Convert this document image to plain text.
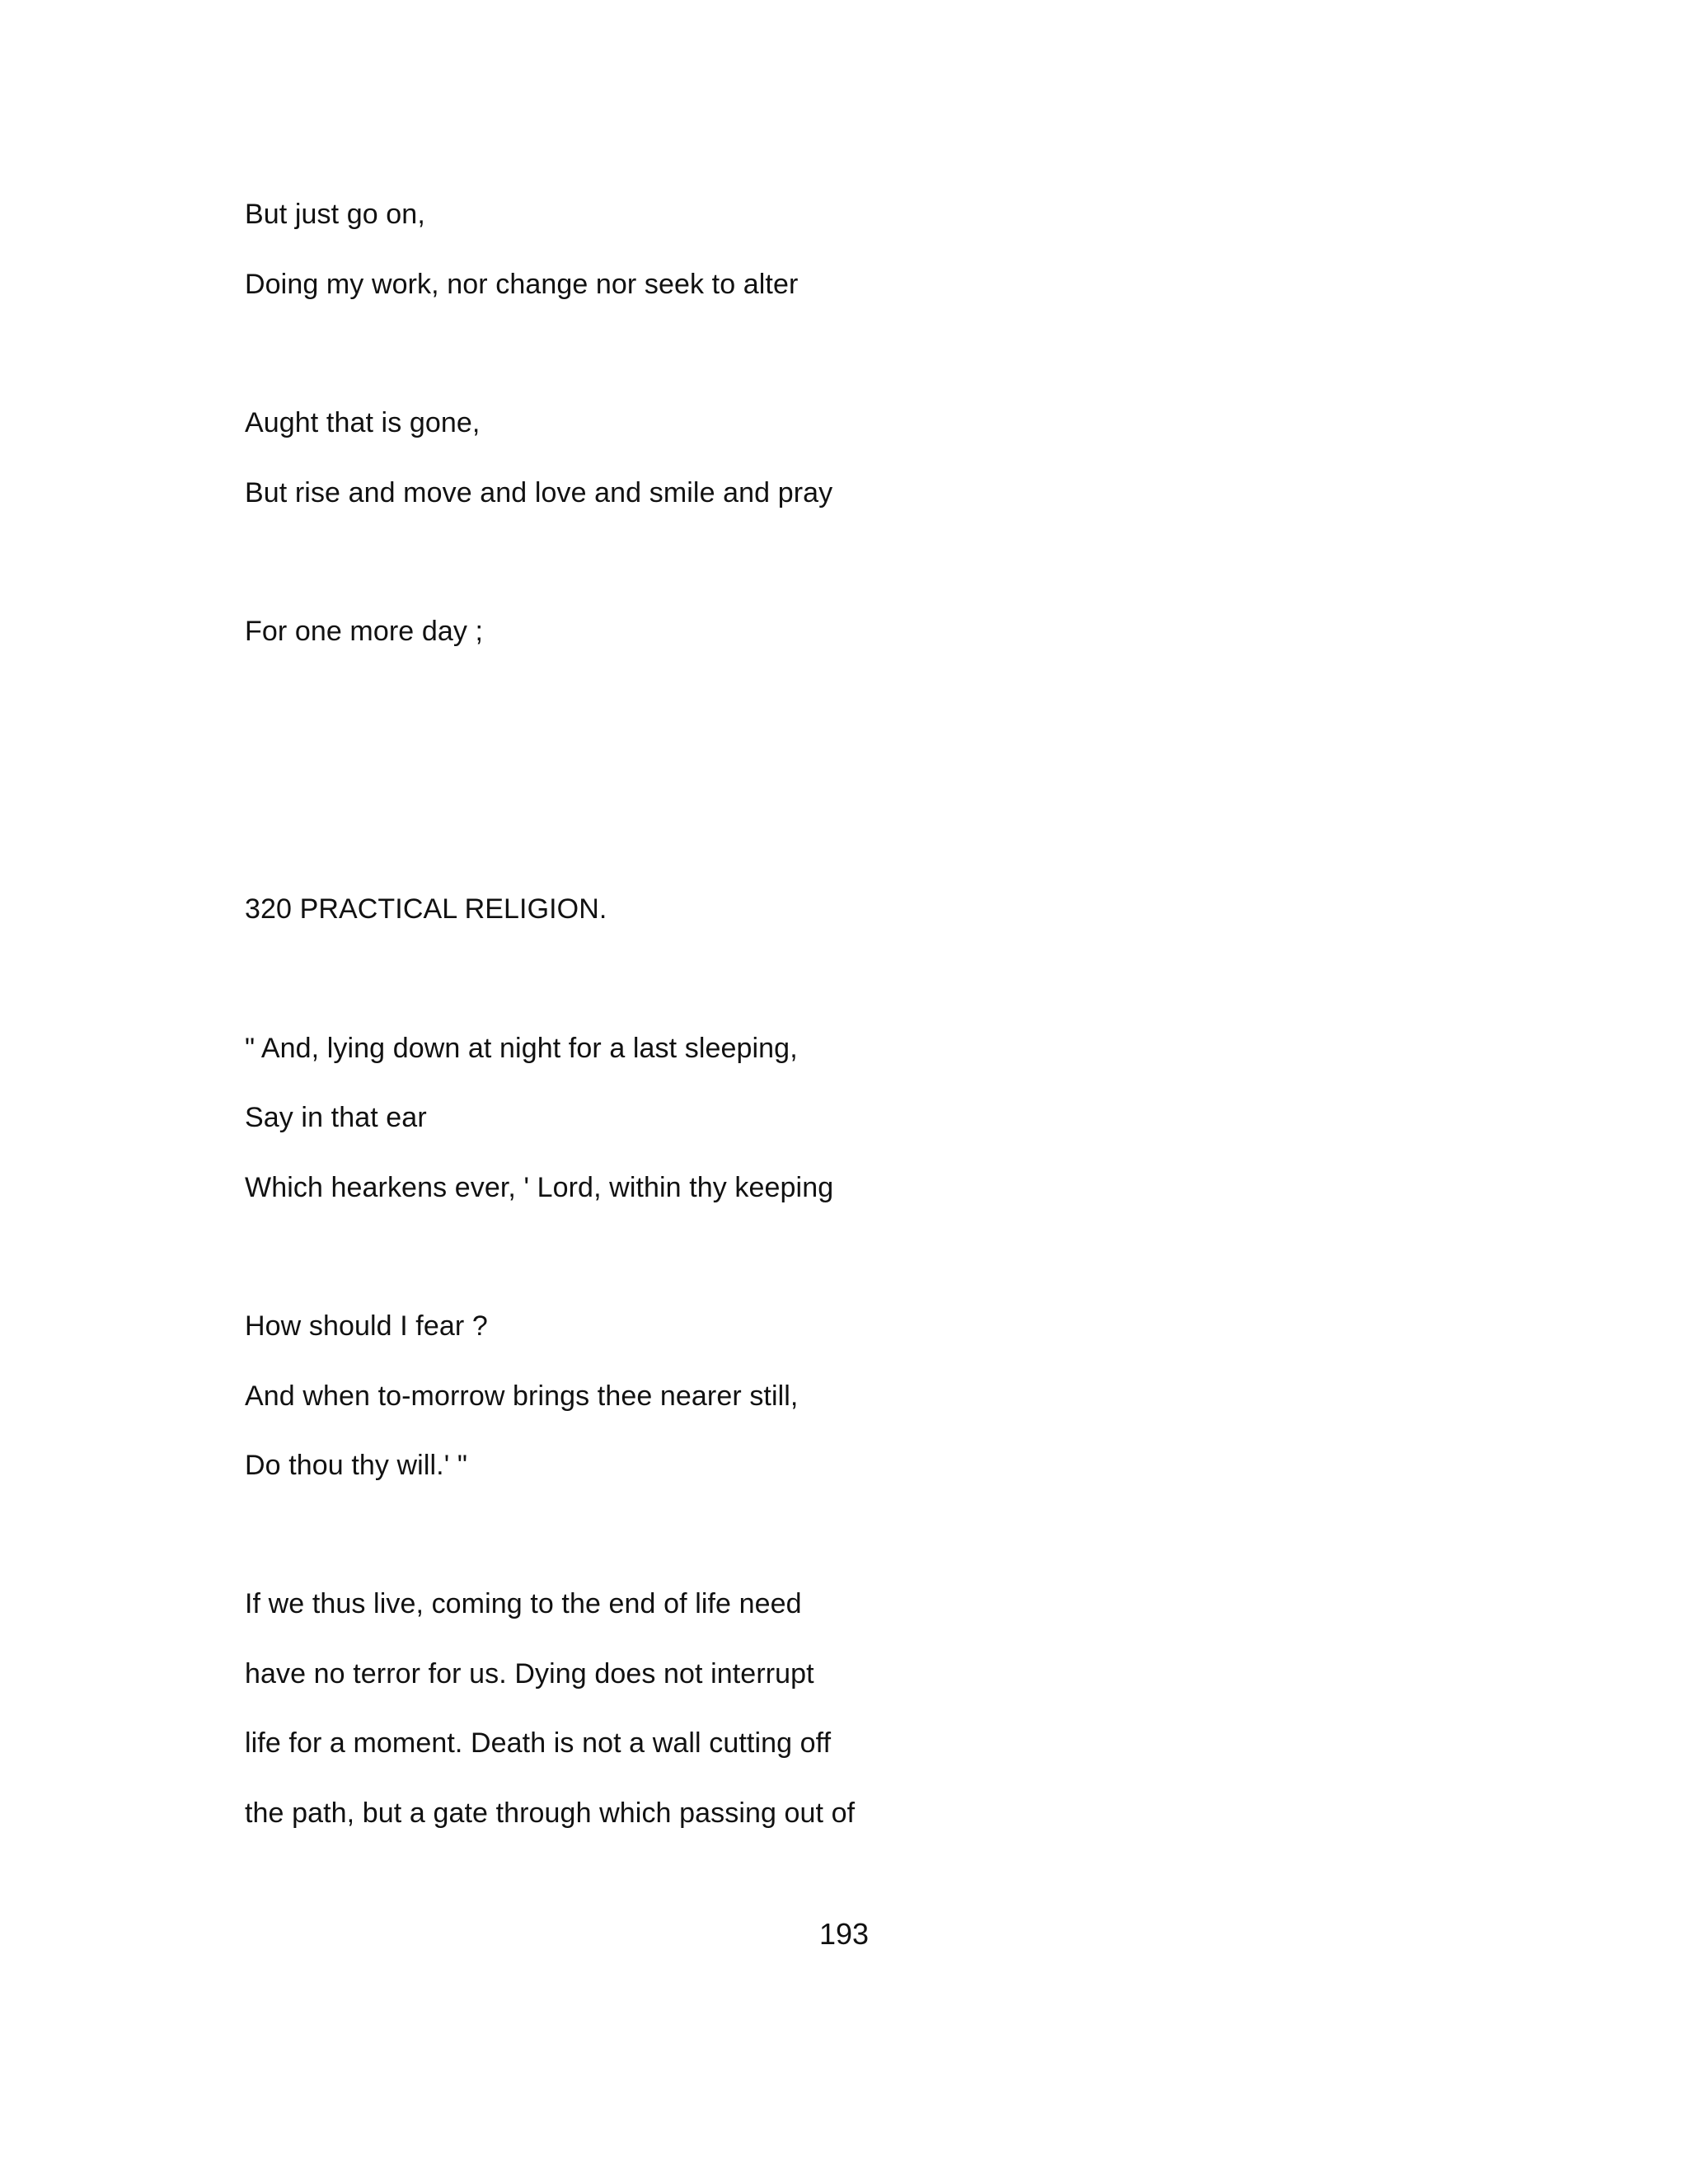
But just go on,
Doing my work, nor change nor seek to alter
Aught that is gone,
But rise and move and love and smile and pray
For one more day ;
320 PRACTICAL RELIGION.
" And, lying down at night for a last sleeping,
Say in that ear
Which hearkens ever, ' Lord, within thy keeping
How should I fear ?
And when to-morrow brings thee nearer still,
Do thou thy will.' "
If we thus live, coming to the end of life need
have no terror for us. Dying does not interrupt
life for a moment. Death is not a wall cutting off
the path, but a gate through which passing out of
193
